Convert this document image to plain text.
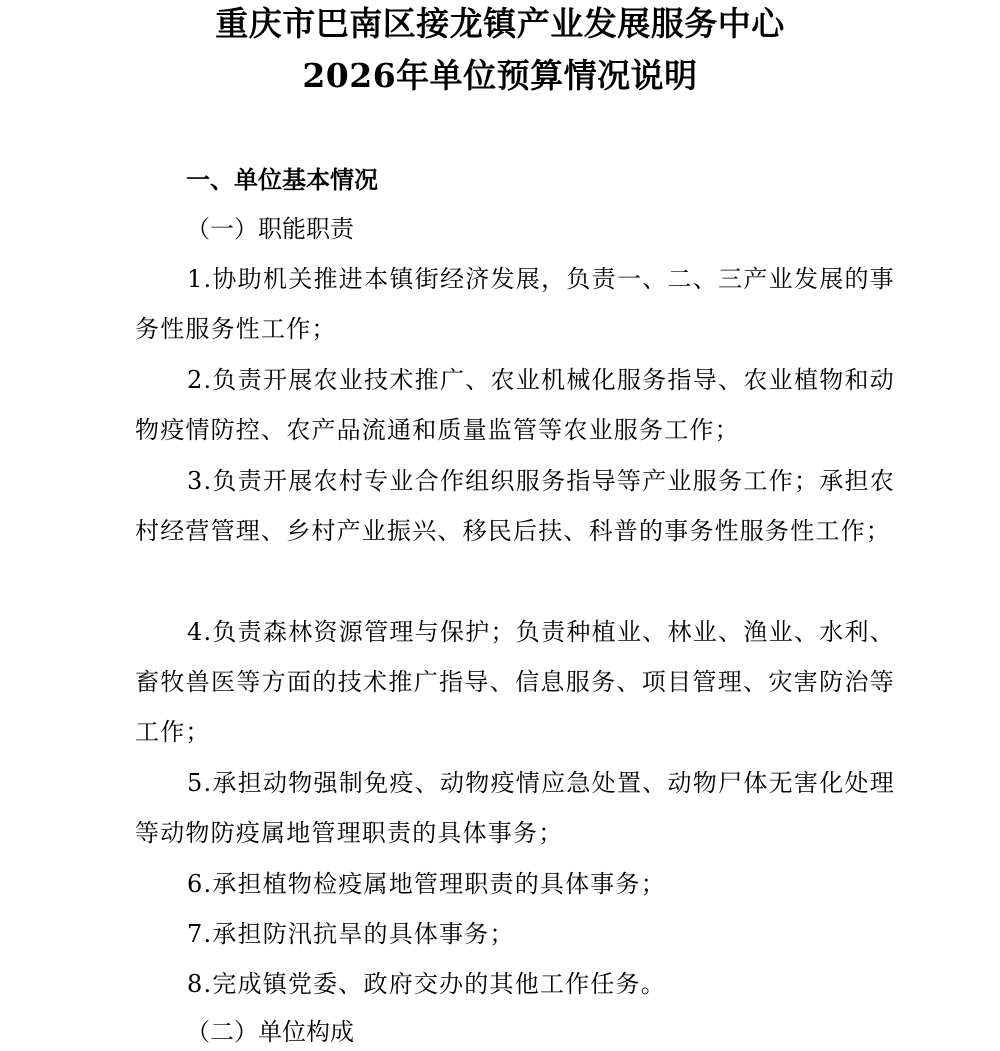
重庆市巴南区接龙镇产业发展服务中心
2026年单位预算情况说明
一、单位基本情况
（一）职能职责
1.协助机关推进本镇街经济发展，负责一、二、三产业发展的事务性服务性工作；
2.负责开展农业技术推广、农业机械化服务指导、农业植物和动物疫情防控、农产品流通和质量监管等农业服务工作；
3.负责开展农村专业合作组织服务指导等产业服务工作；承担农村经营管理、乡村产业振兴、移民后扶、科普的事务性服务性工作；
4.负责森林资源管理与保护；负责种植业、林业、渔业、水利、畜牧兽医等方面的技术推广指导、信息服务、项目管理、灾害防治等工作；
5.承担动物强制免疫、动物疫情应急处置、动物尸体无害化处理等动物防疫属地管理职责的具体事务；
6.承担植物检疫属地管理职责的具体事务；
7.承担防汛抗旱的具体事务；
8.完成镇党委、政府交办的其他工作任务。
（二）单位构成
